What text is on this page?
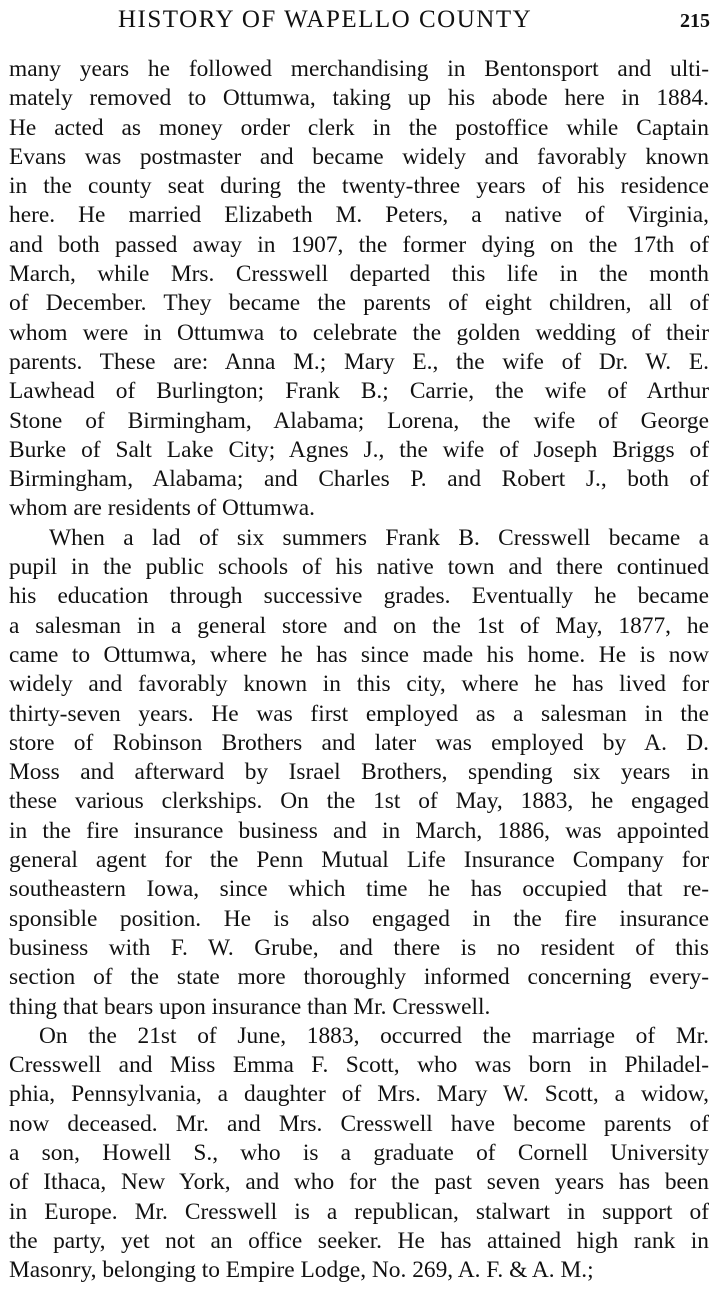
HISTORY OF WAPELLO COUNTY	215
many years he followed merchandising in Bentonsport and ulti-
mately removed to Ottumwa, taking up his abode here in 1884.
He acted as money order clerk in the postoffice while Captain
Evans was postmaster and became widely and favorably known
in the county seat during the twenty-three years of his residence
here. He married Elizabeth M. Peters, a native of Virginia,
and both passed away in 1907, the former dying on the 17th of
March, while Mrs. Cresswell departed this life in the month
of December. They became the parents of eight children, all of
whom were in Ottumwa to celebrate the golden wedding of their
parents. These are: Anna M.; Mary E., the wife of Dr. W. E.
Lawhead of Burlington; Frank B.; Carrie, the wife of Arthur
Stone of Birmingham, Alabama; Lorena, the wife of George
Burke of Salt Lake City; Agnes J., the wife of Joseph Briggs of
Birmingham, Alabama; and Charles P. and Robert J., both of
whom are residents of Ottumwa.
When a lad of six summers Frank B. Cresswell became a
pupil in the public schools of his native town and there continued
his education through successive grades. Eventually he became
a salesman in a general store and on the 1st of May, 1877, he
came to Ottumwa, where he has since made his home. He is now
widely and favorably known in this city, where he has lived for
thirty-seven years. He was first employed as a salesman in the
store of Robinson Brothers and later was employed by A. D.
Moss and afterward by Israel Brothers, spending six years in
these various clerkships. On the 1st of May, 1883, he engaged
in the fire insurance business and in March, 1886, was appointed
general agent for the Penn Mutual Life Insurance Company for
southeastern Iowa, since which time he has occupied that re-
sponsible position. He is also engaged in the fire insurance
business with F. W. Grube, and there is no resident of this
section of the state more thoroughly informed concerning every-
thing that bears upon insurance than Mr. Cresswell.
On the 21st of June, 1883, occurred the marriage of Mr.
Cresswell and Miss Emma F. Scott, who was born in Philadel-
phia, Pennsylvania, a daughter of Mrs. Mary W. Scott, a widow,
now deceased. Mr. and Mrs. Cresswell have become parents of
a son, Howell S., who is a graduate of Cornell University
of Ithaca, New York, and who for the past seven years has been
in Europe. Mr. Cresswell is a republican, stalwart in support of
the party, yet not an office seeker. He has attained high rank in
Masonry, belonging to Empire Lodge, No. 269, A. F. & A. M.;
